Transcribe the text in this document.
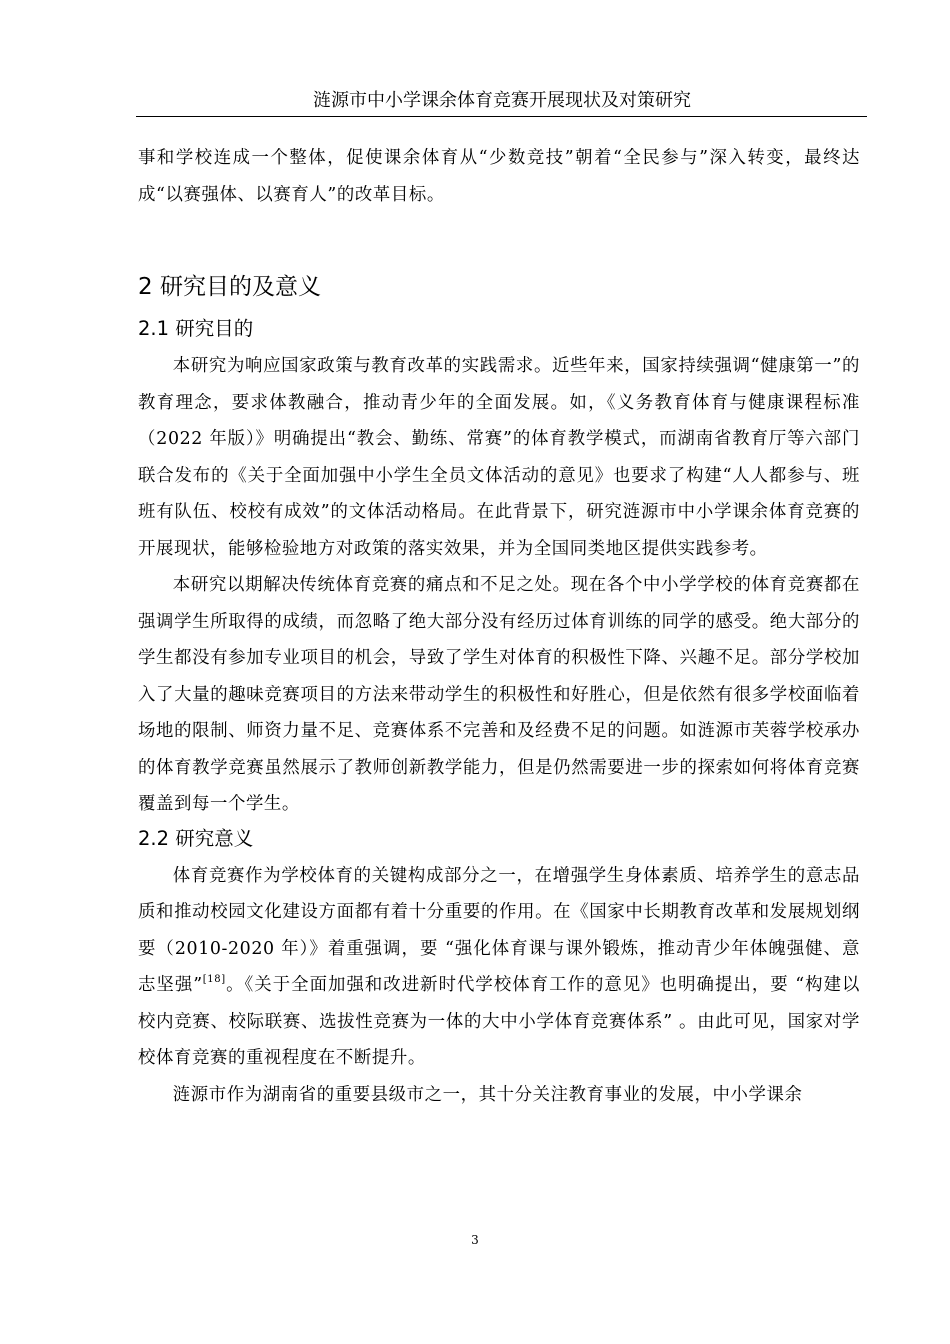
涟源市中小学课余体育竞赛开展现状及对策研究

事和学校连成一个整体，促使课余体育从“少数竞技”朝着“全民参与”深入转变，最终达成“以赛强体、以赛育人”的改革目标。

2 研究目的及意义
2.1 研究目的

本研究为响应国家政策与教育改革的实践需求。近些年来，国家持续强调“健康第一”的教育理念，要求体教融合，推动青少年的全面发展。如，《义务教育体育与健康课程标准（2022 年版）》明确提出“教会、勤练、常赛”的体育教学模式，而湖南省教育厅等六部门联合发布的《关于全面加强中小学生全员文体活动的意见》也要求了构建“人人都参与、班班有队伍、校校有成效”的文体活动格局。在此背景下，研究涟源市中小学课余体育竞赛的开展现状，能够检验地方对政策的落实效果，并为全国同类地区提供实践参考。

本研究以期解决传统体育竞赛的痛点和不足之处。现在各个中小学学校的体育竞赛都在强调学生所取得的成绩，而忽略了绝大部分没有经历过体育训练的同学的感受。绝大部分的学生都没有参加专业项目的机会，导致了学生对体育的积极性下降、兴趣不足。部分学校加入了大量的趣味竞赛项目的方法来带动学生的积极性和好胜心，但是依然有很多学校面临着场地的限制、师资力量不足、竞赛体系不完善和及经费不足的问题。如涟源市芙蓉学校承办的体育教学竞赛虽然展示了教师创新教学能力，但是仍然需要进一步的探索如何将体育竞赛覆盖到每一个学生。

2.2 研究意义

体育竞赛作为学校体育的关键构成部分之一，在增强学生身体素质、培养学生的意志品质和推动校园文化建设方面都有着十分重要的作用。在《国家中长期教育改革和发展规划纲要（2010-2020 年）》着重强调，要 “强化体育课与课外锻炼，推动青少年体魄强健、意志坚强”[18]。《关于全面加强和改进新时代学校体育工作的意见》也明确提出，要 “构建以校内竞赛、校际联赛、选拔性竞赛为一体的大中小学体育竞赛体系” 。由此可见，国家对学校体育竞赛的重视程度在不断提升。

涟源市作为湖南省的重要县级市之一，其十分关注教育事业的发展，中小学课余

3
